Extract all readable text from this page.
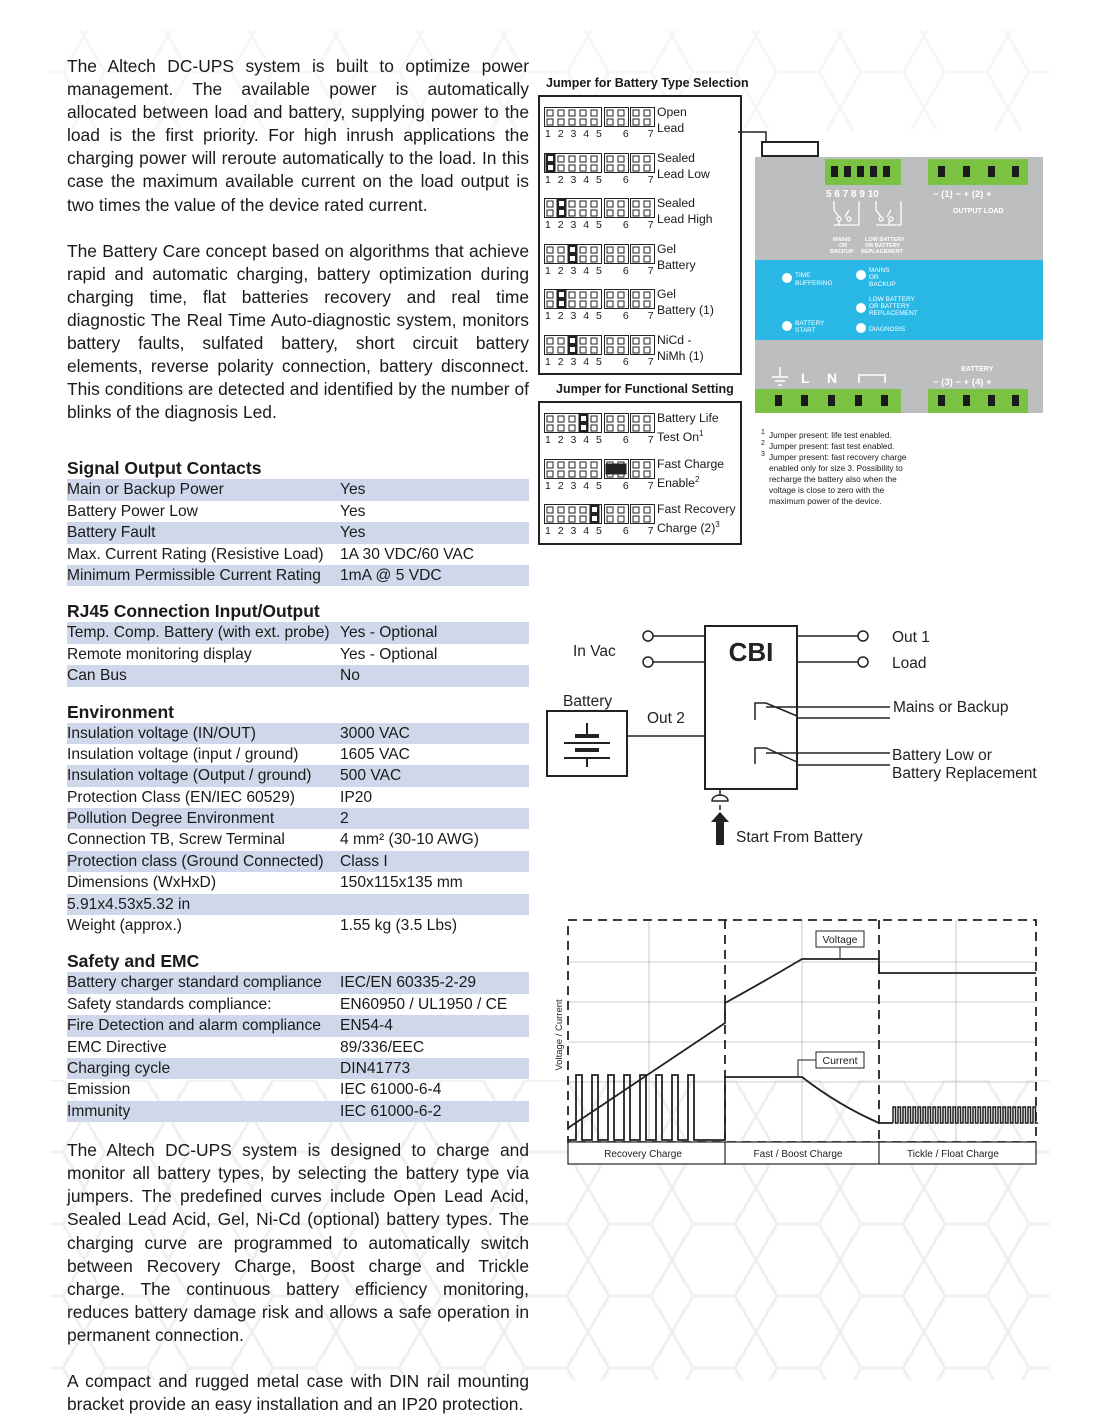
The Altech DC-UPS system is built to optimize power management. The available power is automatically allocated between load and battery, supplying power to the load is the first priority. For high inrush applications the charging power will reroute automatically to the load. In this case the maximum available current on the load output is two times the value of the device rated current.

The Battery Care concept based on algorithms that achieve rapid and automatic charging, battery optimization during charging time, flat batteries recovery and real time diagnostic The Real Time Auto-diagnostic system, monitors battery faults, sulfated battery, short circuit battery elements, reverse polarity connection, battery disconnect. This conditions are detected and identified by the number of blinks of the diagnosis Led.

Signal Output Contacts
Main or Backup Power	Yes
Battery Power Low	Yes
Battery Fault	Yes
Max. Current Rating (Resistive Load)	1A 30 VDC/60 VAC
Minimum Permissible Current Rating	1mA @ 5 VDC
RJ45 Connection Input/Output
Temp. Comp. Battery (with ext. probe) Yes - Optional
Remote monitoring display	Yes - Optional
Can Bus	No
Environment
Insulation voltage (IN/OUT)	3000 VAC
Insulation voltage (input / ground)	1605 VAC
Insulation voltage (Output / ground)	500 VAC
Protection Class (EN/IEC 60529)	IP20
Pollution Degree Environment	2
Connection TB, Screw Terminal	4 mm² (30-10 AWG)
Protection class (Ground Connected)	Class I
Dimensions (WxHxD)	150x115x135 mm
5.91x4.53x5.32 in
Weight (approx.)	1.55 kg (3.5 Lbs)
Safety and EMC
Battery charger standard compliance	IEC/EN 60335-2-29
Safety standards compliance:	EN60950 / UL1950 / CE
Fire Detection and alarm compliance	EN54-4
EMC Directive	89/336/EEC
Charging cycle	DIN41773
Emission	IEC 61000-6-4
Immunity	IEC 61000-6-2

The Altech DC-UPS system is designed to charge and monitor all battery types, by selecting the battery type via jumpers. The predefined curves include Open Lead Acid, Sealed Lead Acid, Gel, Ni-Cd (optional) battery types. The charging curve are programmed to automatically switch between Recovery Charge, Boost charge and Trickle charge. The continuous battery efficiency monitoring, reduces battery damage risk and allows a safe operation in permanent connection.

A compact and rugged metal case with DIN rail mounting bracket provide an easy installation and an IP20 protection.

Jumper for Battery Type Selection
1 2 3 4 5 6 7
Open
Lead
1 2 3 4 5 6 7
Sealed
Lead Low
1 2 3 4 5 6 7
Sealed
Lead High
1 2 3 4 5 6 7
Gel
Battery
1 2 3 4 5 6 7
Gel
Battery (1)
1 2 3 4 5 6 7
NiCd -
NiMh (1)
Jumper for Functional Setting
1 2 3 4 5 6 7
Battery Life
Test On$^1$
1 2 3 4 5 6 7
Fast Charge
Enable$^2$
1 2 3 4 5 6 7
Fast Recovery
Charge $(2)^3$
5 6 7 8 9 10	− (1) − + (2) +
OUTPUT LOAD
MAINS
OR
BACKUP
LOW BATTERY
OR BATTERY
REPLACEMENT
TIME
BUFFERING
MAINS
OR
BACKUP
LOW BATTERY
OR BATTERY
REPLACEMENT
BATTERY
START	DIAGNOSIS
L N
BATTERY
− (3) − + (4) +
1 Jumper present: life test enabled.
2 Jumper present: fast test enabled.
3 Jumper present: fast recovery charge enabled only for size 3. Possibility to recharge the battery also when the voltage is close to zero with the maximum power of the device.
CBI
In Vac
Out 1
Load
Battery
Out 2
Mains or Backup
Battery Low or
Battery Replacement
Start From Battery
Recovery Charge	Fast / Boost Charge	Tickle / Float Charge
Voltage / Current
Voltage
Current
